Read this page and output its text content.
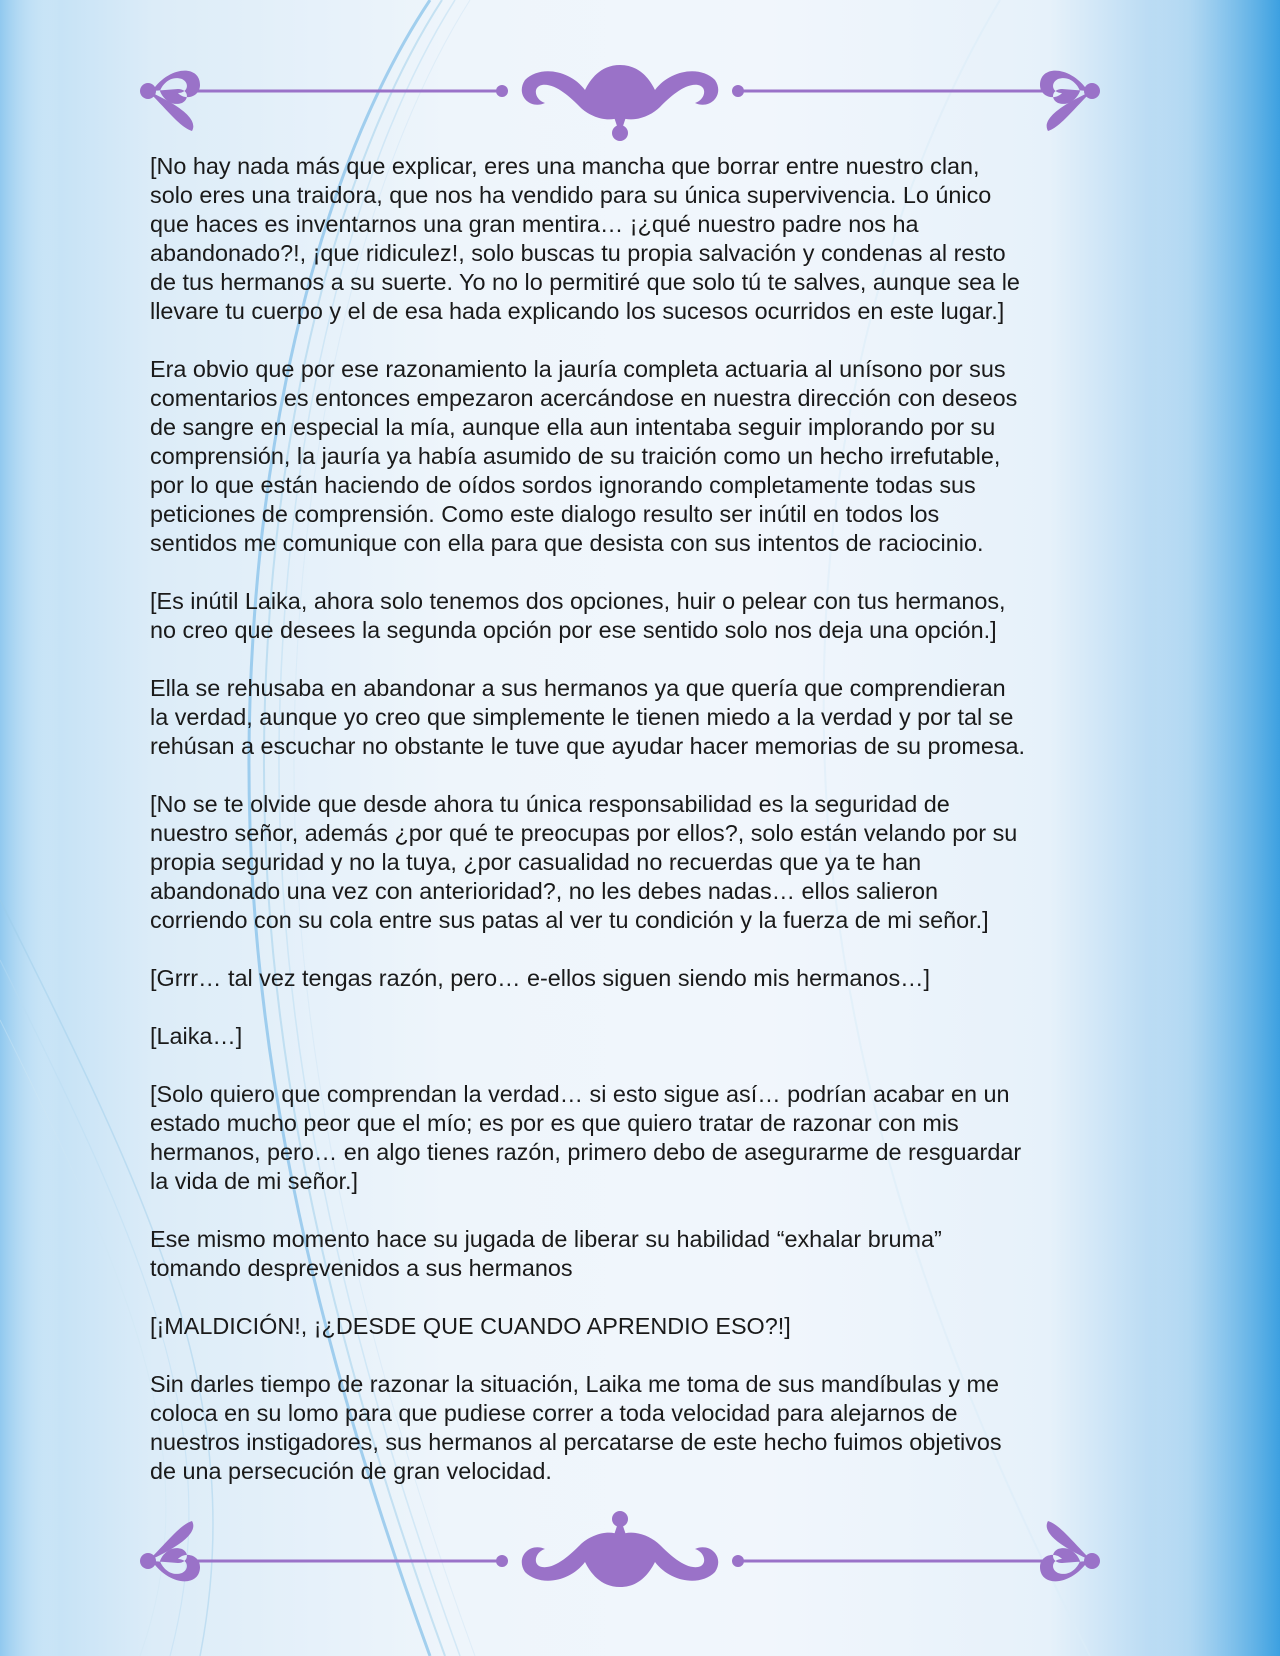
[No hay nada más que explicar, eres una mancha que borrar entre nuestro clan,
solo eres una traidora, que nos ha vendido para su única supervivencia. Lo único
que haces es inventarnos una gran mentira… ¡¿qué nuestro padre nos ha
abandonado?!, ¡que ridiculez!, solo buscas tu propia salvación y condenas al resto
de tus hermanos a su suerte. Yo no lo permitiré que solo tú te salves, aunque sea le
llevare tu cuerpo y el de esa hada explicando los sucesos ocurridos en este lugar.]

Era obvio que por ese razonamiento la jauría completa actuaria al unísono por sus
comentarios es entonces empezaron acercándose en nuestra dirección con deseos
de sangre en especial la mía, aunque ella aun intentaba seguir implorando por su
comprensión, la jauría ya había asumido de su traición como un hecho irrefutable,
por lo que están haciendo de oídos sordos ignorando completamente todas sus
peticiones de comprensión. Como este dialogo resulto ser inútil en todos los
sentidos me comunique con ella para que desista con sus intentos de raciocinio.

[Es inútil Laika, ahora solo tenemos dos opciones, huir o pelear con tus hermanos,
no creo que desees la segunda opción por ese sentido solo nos deja una opción.]

Ella se rehusaba en abandonar a sus hermanos ya que quería que comprendieran
la verdad, aunque yo creo que simplemente le tienen miedo a la verdad y por tal se
rehúsan a escuchar no obstante le tuve que ayudar hacer memorias de su promesa.

[No se te olvide que desde ahora tu única responsabilidad es la seguridad de
nuestro señor, además ¿por qué te preocupas por ellos?, solo están velando por su
propia seguridad y no la tuya, ¿por casualidad no recuerdas que ya te han
abandonado una vez con anterioridad?, no les debes nadas… ellos salieron
corriendo con su cola entre sus patas al ver tu condición y la fuerza de mi señor.]

[Grrr… tal vez tengas razón, pero… e-ellos siguen siendo mis hermanos…]

[Laika…]

[Solo quiero que comprendan la verdad… si esto sigue así… podrían acabar en un
estado mucho peor que el mío; es por es que quiero tratar de razonar con mis
hermanos, pero… en algo tienes razón, primero debo de asegurarme de resguardar
la vida de mi señor.]

Ese mismo momento hace su jugada de liberar su habilidad “exhalar bruma”
tomando desprevenidos a sus hermanos

[¡MALDICIÓN!, ¡¿DESDE QUE CUANDO APRENDIO ESO?!]

Sin darles tiempo de razonar la situación, Laika me toma de sus mandíbulas y me
coloca en su lomo para que pudiese correr a toda velocidad para alejarnos de
nuestros instigadores, sus hermanos al percatarse de este hecho fuimos objetivos
de una persecución de gran velocidad.
